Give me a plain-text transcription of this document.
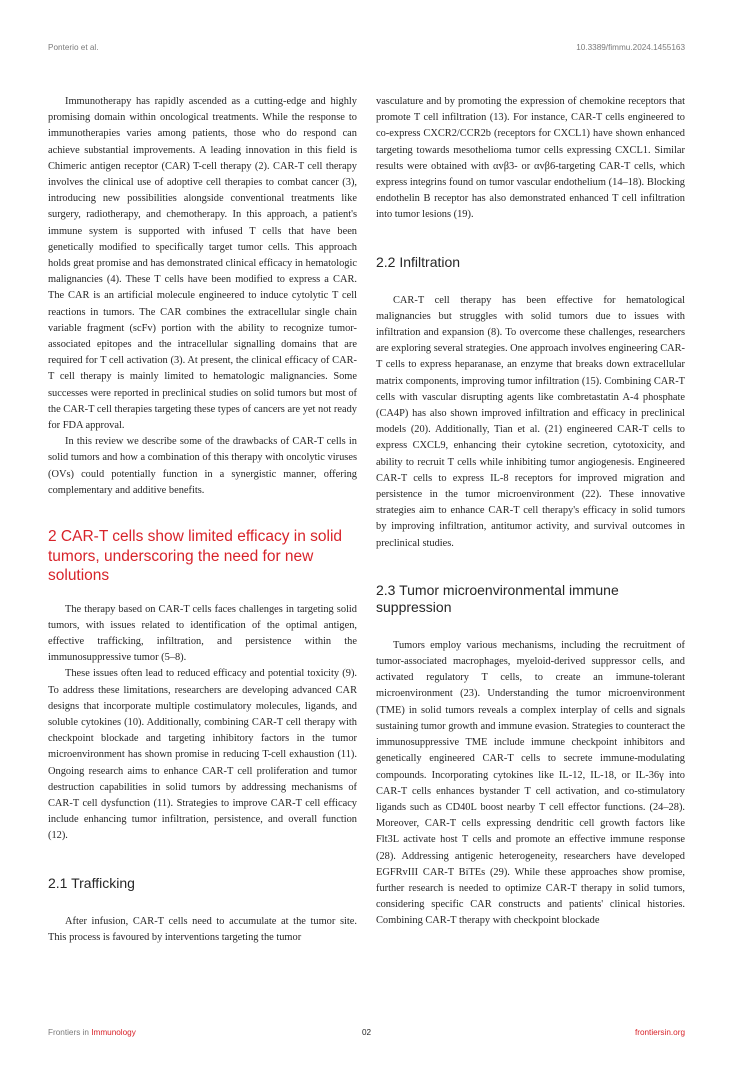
Ponterio et al.	10.3389/fimmu.2024.1455163

Immunotherapy has rapidly ascended as a cutting-edge and highly promising domain within oncological treatments. While the response to immunotherapies varies among patients, those who do respond can achieve substantial improvements. A leading innovation in this field is Chimeric antigen receptor (CAR) T-cell therapy (2). CAR-T cell therapy involves the clinical use of adoptive cell therapies to combat cancer (3), introducing new possibilities alongside conventional treatments like surgery, radiotherapy, and chemotherapy. In this approach, a patient's immune system is supported with infused T cells that have been genetically modified to specifically target tumor cells. This approach holds great promise and has demonstrated clinical efficacy in hematologic malignancies (4). These T cells have been modified to express a CAR. The CAR is an artificial molecule engineered to induce cytolytic T cell reactions in tumors. The CAR combines the extracellular single chain variable fragment (scFv) portion with the ability to recognize tumor-associated epitopes and the intracellular signalling domains that are required for T cell activation (3). At present, the clinical efficacy of CAR-T cell therapy is mainly limited to hematologic malignancies. Some successes were reported in preclinical studies on solid tumors but most of the CAR-T cell therapies targeting these types of cancers are yet not ready for FDA approval.

In this review we describe some of the drawbacks of CAR-T cells in solid tumors and how a combination of this therapy with oncolytic viruses (OVs) could potentially function in a synergistic manner, offering complementary and additive benefits.

2 CAR-T cells show limited efficacy in solid tumors, underscoring the need for new solutions

The therapy based on CAR-T cells faces challenges in targeting solid tumors, with issues related to identification of the optimal antigen, effective trafficking, infiltration, and persistence within the immunosuppressive tumor (5–8).

These issues often lead to reduced efficacy and potential toxicity (9). To address these limitations, researchers are developing advanced CAR designs that incorporate multiple costimulatory molecules, ligands, and soluble cytokines (10). Additionally, combining CAR-T cell therapy with checkpoint blockade and targeting inhibitory factors in the tumor microenvironment has shown promise in reducing T-cell exhaustion (11). Ongoing research aims to enhance CAR-T cell proliferation and tumor destruction capabilities in solid tumors by addressing mechanisms of CAR-T cell dysfunction (11). Strategies to improve CAR-T cell efficacy include enhancing tumor infiltration, persistence, and overall function (12).

2.1 Trafficking

After infusion, CAR-T cells need to accumulate at the tumor site. This process is favoured by interventions targeting the tumor

vasculature and by promoting the expression of chemokine receptors that promote T cell infiltration (13). For instance, CAR-T cells engineered to co-express CXCR2/CCR2b (receptors for CXCL1) have shown enhanced targeting towards mesothelioma tumor cells expressing CXCL1. Similar results were obtained with αvβ3- or αvβ6-targeting CAR-T cells, which express integrins found on tumor vascular endothelium (14–18). Blocking endothelin B receptor has also demonstrated enhanced T cell infiltration into tumor lesions (19).

2.2 Infiltration

CAR-T cell therapy has been effective for hematological malignancies but struggles with solid tumors due to issues with infiltration and expansion (8). To overcome these challenges, researchers are exploring several strategies. One approach involves engineering CAR-T cells to express heparanase, an enzyme that breaks down extracellular matrix components, improving tumor infiltration (15). Combining CAR-T cells with vascular disrupting agents like combretastatin A-4 phosphate (CA4P) has also shown improved infiltration and efficacy in preclinical models (20). Additionally, Tian et al. (21) engineered CAR-T cells to express CXCL9, enhancing their cytokine secretion, cytotoxicity, and ability to recruit T cells while inhibiting tumor angiogenesis. Engineered CAR-T cells to express IL-8 receptors for improved migration and persistence in the tumor microenvironment (22). These innovative strategies aim to enhance CAR-T cell therapy's efficacy in solid tumors by improving infiltration, antitumor activity, and survival outcomes in preclinical studies.

2.3 Tumor microenvironmental immune suppression

Tumors employ various mechanisms, including the recruitment of tumor-associated macrophages, myeloid-derived suppressor cells, and activated regulatory T cells, to create an immune-tolerant microenvironment (23). Understanding the tumor microenvironment (TME) in solid tumors reveals a complex interplay of cells and signals sustaining tumor growth and immune evasion. Strategies to counteract the immunosuppressive TME include immune checkpoint inhibitors and genetically engineered CAR-T cells to secrete immune-modulating compounds. Incorporating cytokines like IL-12, IL-18, or IL-36γ into CAR-T cells enhances bystander T cell activation, and co-stimulatory ligands such as CD40L boost nearby T cell effector functions. (24–28). Moreover, CAR-T cells expressing dendritic cell growth factors like Flt3L activate host T cells and promote an effective immune response (28). Addressing antigenic heterogeneity, researchers have developed EGFRvIII CAR-T BiTEs (29). While these approaches show promise, further research is needed to optimize CAR-T therapy in solid tumors, considering specific CAR constructs and patients' clinical histories. Combining CAR-T therapy with checkpoint blockade

Frontiers in Immunology	02	frontiersin.org
